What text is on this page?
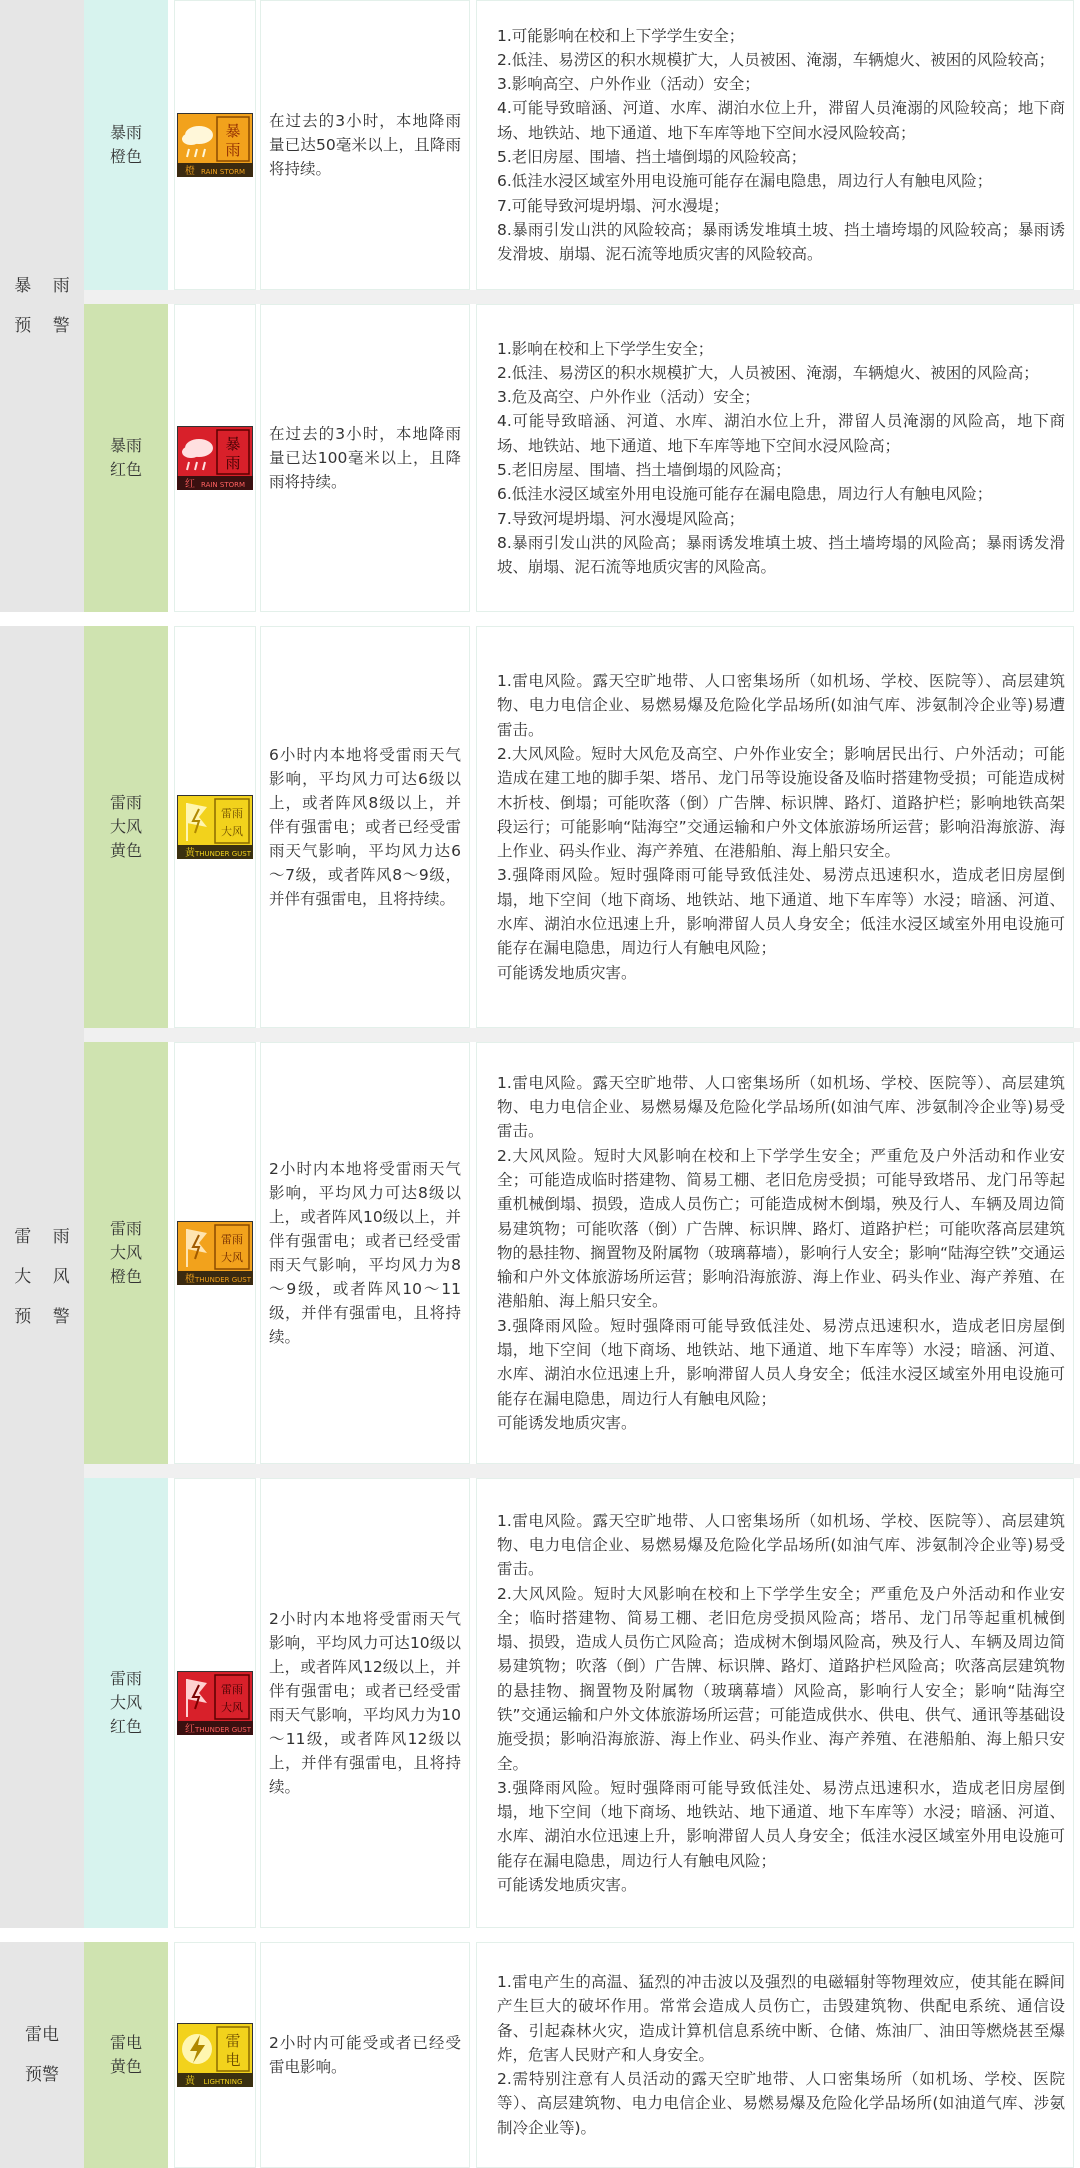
暴 雨
预 警
暴雨
橙色
暴
雨
橙 RAIN STORM
在过去的3小时，本地降雨量已达50毫米以上，且降雨将持续。
1.可能影响在校和上下学学生安全；
2.低洼、易涝区的积水规模扩大，人员被困、淹溺，车辆熄火、被困的风险较高；
3.影响高空、户外作业（活动）安全；
4.可能导致暗涵、河道、水库、湖泊水位上升，滞留人员淹溺的风险较高；地下商场、地铁站、地下通道、地下车库等地下空间水浸风险较高；
5.老旧房屋、围墙、挡土墙倒塌的风险较高；
6.低洼水浸区域室外用电设施可能存在漏电隐患，周边行人有触电风险；
7.可能导致河堤坍塌、河水漫堤；
8.暴雨引发山洪的风险较高；暴雨诱发堆填土坡、挡土墙垮塌的风险较高；暴雨诱发滑坡、崩塌、泥石流等地质灾害的风险较高。
暴雨
红色
暴
雨
红 RAIN STORM
在过去的3小时，本地降雨量已达100毫米以上，且降雨将持续。
1.影响在校和上下学学生安全；
2.低洼、易涝区的积水规模扩大，人员被困、淹溺，车辆熄火、被困的风险高；
3.危及高空、户外作业（活动）安全；
4.可能导致暗涵、河道、水库、湖泊水位上升，滞留人员淹溺的风险高，地下商场、地铁站、地下通道、地下车库等地下空间水浸风险高；
5.老旧房屋、围墙、挡土墙倒塌的风险高；
6.低洼水浸区域室外用电设施可能存在漏电隐患，周边行人有触电风险；
7.导致河堤坍塌、河水漫堤风险高；
8.暴雨引发山洪的风险高；暴雨诱发堆填土坡、挡土墙垮塌的风险高；暴雨诱发滑坡、崩塌、泥石流等地质灾害的风险高。
雷 雨
大 风
预 警
雷雨
大风
黄色
雷雨
大风
黄 THUNDER GUST
6小时内本地将受雷雨天气影响，平均风力可达6级以上，或者阵风8级以上，并伴有强雷电；或者已经受雷雨天气影响，平均风力达6～7级，或者阵风8～9级，并伴有强雷电，且将持续。
1.雷电风险。露天空旷地带、人口密集场所（如机场、学校、医院等）、高层建筑物、电力电信企业、易燃易爆及危险化学品场所(如油气库、涉氨制冷企业等)易遭雷击。
2.大风风险。短时大风危及高空、户外作业安全；影响居民出行、户外活动；可能造成在建工地的脚手架、塔吊、龙门吊等设施设备及临时搭建物受损；可能造成树木折枝、倒塌；可能吹落（倒）广告牌、标识牌、路灯、道路护栏；影响地铁高架段运行；可能影响“陆海空”交通运输和户外文体旅游场所运营；影响沿海旅游、海上作业、码头作业、海产养殖、在港船舶、海上船只安全。
3.强降雨风险。短时强降雨可能导致低洼处、易涝点迅速积水，造成老旧房屋倒塌，地下空间（地下商场、地铁站、地下通道、地下车库等）水浸；暗涵、河道、水库、湖泊水位迅速上升，影响滞留人员人身安全；低洼水浸区域室外用电设施可能存在漏电隐患，周边行人有触电风险；
可能诱发地质灾害。
雷雨
大风
橙色
雷雨
大风
橙 THUNDER GUST
2小时内本地将受雷雨天气影响，平均风力可达8级以上，或者阵风10级以上，并伴有强雷电；或者已经受雷雨天气影响，平均风力为8～9级，或者阵风10～11级，并伴有强雷电，且将持续。
1.雷电风险。露天空旷地带、人口密集场所（如机场、学校、医院等）、高层建筑物、电力电信企业、易燃易爆及危险化学品场所(如油气库、涉氨制冷企业等)易受雷击。
2.大风风险。短时大风影响在校和上下学学生安全；严重危及户外活动和作业安全；可能造成临时搭建物、简易工棚、老旧危房受损；可能导致塔吊、龙门吊等起重机械倒塌、损毁，造成人员伤亡；可能造成树木倒塌，殃及行人、车辆及周边简易建筑物；可能吹落（倒）广告牌、标识牌、路灯、道路护栏；可能吹落高层建筑物的悬挂物、搁置物及附属物（玻璃幕墙），影响行人安全；影响“陆海空铁”交通运输和户外文体旅游场所运营；影响沿海旅游、海上作业、码头作业、海产养殖、在港船舶、海上船只安全。
3.强降雨风险。短时强降雨可能导致低洼处、易涝点迅速积水，造成老旧房屋倒塌，地下空间（地下商场、地铁站、地下通道、地下车库等）水浸；暗涵、河道、水库、湖泊水位迅速上升，影响滞留人员人身安全；低洼水浸区域室外用电设施可能存在漏电隐患，周边行人有触电风险；
可能诱发地质灾害。
雷雨
大风
红色
雷雨
大风
红 THUNDER GUST
2小时内本地将受雷雨天气影响，平均风力可达10级以上，或者阵风12级以上，并伴有强雷电；或者已经受雷雨天气影响，平均风力为10～11级，或者阵风12级以上，并伴有强雷电，且将持续。
1.雷电风险。露天空旷地带、人口密集场所（如机场、学校、医院等）、高层建筑物、电力电信企业、易燃易爆及危险化学品场所(如油气库、涉氨制冷企业等)易受雷击。
2.大风风险。短时大风影响在校和上下学学生安全；严重危及户外活动和作业安全；临时搭建物、简易工棚、老旧危房受损风险高；塔吊、龙门吊等起重机械倒塌、损毁，造成人员伤亡风险高；造成树木倒塌风险高，殃及行人、车辆及周边简易建筑物；吹落（倒）广告牌、标识牌、路灯、道路护栏风险高；吹落高层建筑物的悬挂物、搁置物及附属物（玻璃幕墙）风险高，影响行人安全；影响“陆海空铁”交通运输和户外文体旅游场所运营；可能造成供水、供电、供气、通讯等基础设施受损；影响沿海旅游、海上作业、码头作业、海产养殖、在港船舶、海上船只安全。
3.强降雨风险。短时强降雨可能导致低洼处、易涝点迅速积水，造成老旧房屋倒塌，地下空间（地下商场、地铁站、地下通道、地下车库等）水浸；暗涵、河道、水库、湖泊水位迅速上升，影响滞留人员人身安全；低洼水浸区域室外用电设施可能存在漏电隐患，周边行人有触电风险；
可能诱发地质灾害。
雷电
预警
雷电
黄色
雷
电
黄 LIGHTNING
2小时内可能受或者已经受雷电影响。
1.雷电产生的高温、猛烈的冲击波以及强烈的电磁辐射等物理效应，使其能在瞬间产生巨大的破坏作用。常常会造成人员伤亡，击毁建筑物、供配电系统、通信设备、引起森林火灾，造成计算机信息系统中断、仓储、炼油厂、油田等燃烧甚至爆炸，危害人民财产和人身安全。
2.需特别注意有人员活动的露天空旷地带、人口密集场所（如机场、学校、医院等）、高层建筑物、电力电信企业、易燃易爆及危险化学品场所(如油道气库、涉氨制冷企业等)。
